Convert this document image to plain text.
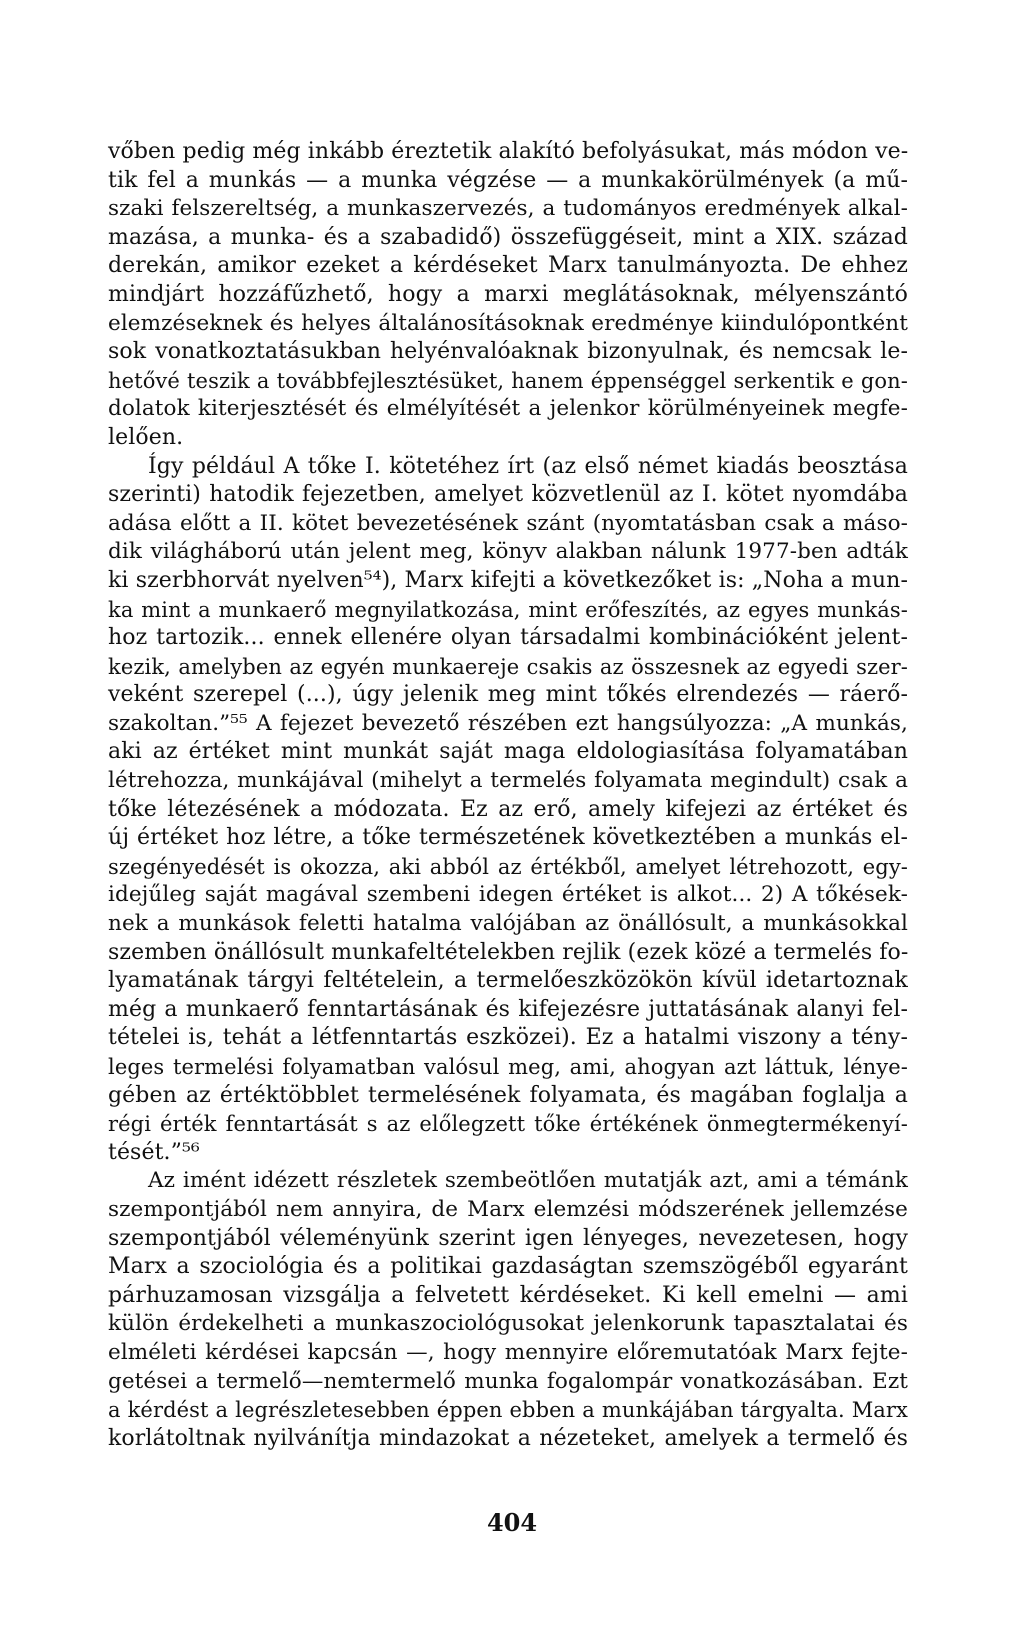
vőben pedig még inkább éreztetik alakító befolyásukat, más módon ve-
tik fel a munkás — a munka végzése — a munkakörülmények (a mű-
szaki felszereltség, a munkaszervezés, a tudományos eredmények alkal-
mazása, a munka- és a szabadidő) összefüggéseit, mint a XIX. század
derekán, amikor ezeket a kérdéseket Marx tanulmányozta. De ehhez
mindjárt hozzáfűzhető, hogy a marxi meglátásoknak, mélyenszántó
elemzéseknek és helyes általánosításoknak eredménye kiindulópontként
sok vonatkoztatásukban helyénvalóaknak bizonyulnak, és nemcsak le-
hetővé teszik a továbbfejlesztésüket, hanem éppenséggel serkentik e gon-
dolatok kiterjesztését és elmélyítését a jelenkor körülményeinek megfe-
lelően.
Így például A tőke I. kötetéhez írt (az első német kiadás beosztása
szerinti) hatodik fejezetben, amelyet közvetlenül az I. kötet nyomdába
adása előtt a II. kötet bevezetésének szánt (nyomtatásban csak a máso-
dik világháború után jelent meg, könyv alakban nálunk 1977-ben adták
ki szerbhorvát nyelven⁵⁴), Marx kifejti a következőket is: „Noha a mun-
ka mint a munkaerő megnyilatkozása, mint erőfeszítés, az egyes munkás-
hoz tartozik... ennek ellenére olyan társadalmi kombinációként jelent-
kezik, amelyben az egyén munkaereje csakis az összesnek az egyedi szer-
veként szerepel (...), úgy jelenik meg mint tőkés elrendezés — ráerő-
szakoltan.”⁵⁵ A fejezet bevezető részében ezt hangsúlyozza: „A munkás,
aki az értéket mint munkát saját maga eldologiasítása folyamatában
létrehozza, munkájával (mihelyt a termelés folyamata megindult) csak a
tőke létezésének a módozata. Ez az erő, amely kifejezi az értéket és
új értéket hoz létre, a tőke természetének következtében a munkás el-
szegényedését is okozza, aki abból az értékből, amelyet létrehozott, egy-
idejűleg saját magával szembeni idegen értéket is alkot... 2) A tőkések-
nek a munkások feletti hatalma valójában az önállósult, a munkásokkal
szemben önállósult munkafeltételekben rejlik (ezek közé a termelés fo-
lyamatának tárgyi feltételein, a termelőeszközökön kívül idetartoznak
még a munkaerő fenntartásának és kifejezésre juttatásának alanyi fel-
tételei is, tehát a létfenntartás eszközei). Ez a hatalmi viszony a tény-
leges termelési folyamatban valósul meg, ami, ahogyan azt láttuk, lénye-
gében az értéktöbblet termelésének folyamata, és magában foglalja a
régi érték fenntartását s az előlegzett tőke értékének önmegtermékenyí-
tését.”⁵⁶
Az imént idézett részletek szembeötlően mutatják azt, ami a témánk
szempontjából nem annyira, de Marx elemzési módszerének jellemzése
szempontjából véleményünk szerint igen lényeges, nevezetesen, hogy
Marx a szociológia és a politikai gazdaságtan szemszögéből egyaránt
párhuzamosan vizsgálja a felvetett kérdéseket. Ki kell emelni — ami
külön érdekelheti a munkaszociológusokat jelenkorunk tapasztalatai és
elméleti kérdései kapcsán —, hogy mennyire előremutatóak Marx fejte-
getései a termelő—nemtermelő munka fogalompár vonatkozásában. Ezt
a kérdést a legrészletesebben éppen ebben a munkájában tárgyalta. Marx
korlátoltnak nyilvánítja mindazokat a nézeteket, amelyek a termelő és
404
